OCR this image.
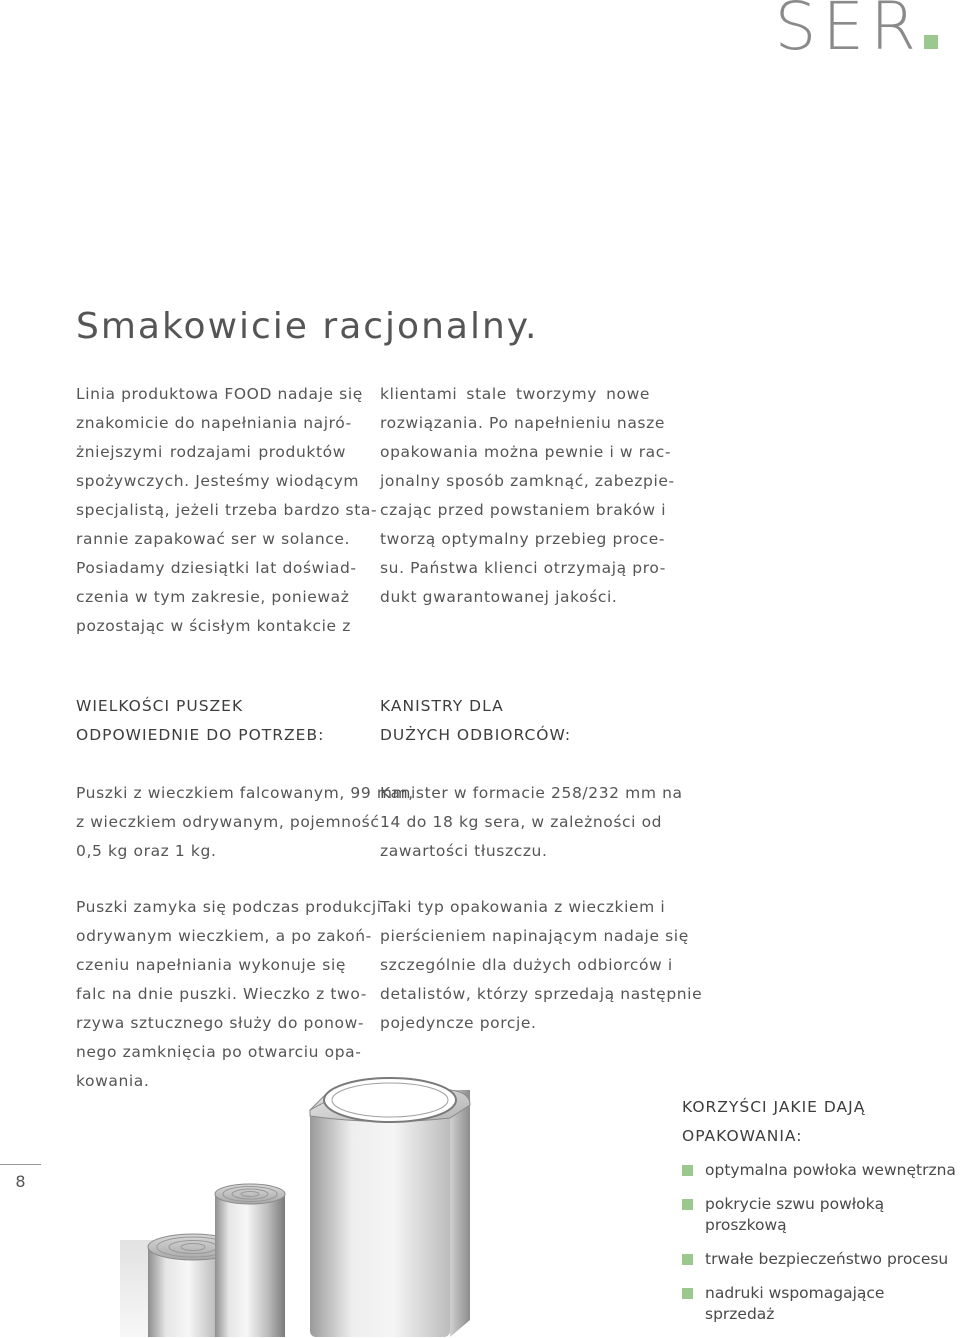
SER
Smakowicie racjonalny.
Linia produktowa FOOD nadaje się
znakomicie do napełniania najró-
żniejszymi rodzajami produktów
spożywczych. Jesteśmy wiodącym
specjalistą, jeżeli trzeba bardzo sta-
rannie zapakować ser w solance.
Posiadamy dziesiątki lat doświad-
czenia w tym zakresie, ponieważ
pozostając w ścisłym kontakcie z
klientami stale tworzymy nowe
rozwiązania. Po napełnieniu nasze
opakowania można pewnie i w rac-
jonalny sposób zamknąć, zabezpie-
czając przed powstaniem braków i
tworzą optymalny przebieg proce-
su. Państwa klienci otrzymają pro-
dukt gwarantowanej jakości.
WIELKOŚCI PUSZEK
ODPOWIEDNIE DO POTRZEB:
Puszki z wieczkiem falcowanym, 99 mm,
z wieczkiem odrywanym, pojemność
0,5 kg oraz 1 kg.
Puszki zamyka się podczas produkcji
odrywanym wieczkiem, a po zakoń-
czeniu napełniania wykonuje się
falc na dnie puszki. Wieczko z two-
rzywa sztucznego służy do ponow-
nego zamknięcia po otwarciu opa-
kowania.
KANISTRY DLA
DUŻYCH ODBIORCÓW:
Kanister w formacie 258/232 mm na
14 do 18 kg sera, w zależności od
zawartości tłuszczu.
Taki typ opakowania z wieczkiem i
pierścieniem napinającym nadaje się
szczególnie dla dużych odbiorców i
detalistów, którzy sprzedają następnie
pojedyncze porcje.
KORZYŚCI JAKIE DAJĄ
OPAKOWANIA:
optymalna powłoka wewnętrzna
pokrycie szwu powłoką proszkową
trwałe bezpieczeństwo procesu
nadruki wspomagające sprzedaż
8
